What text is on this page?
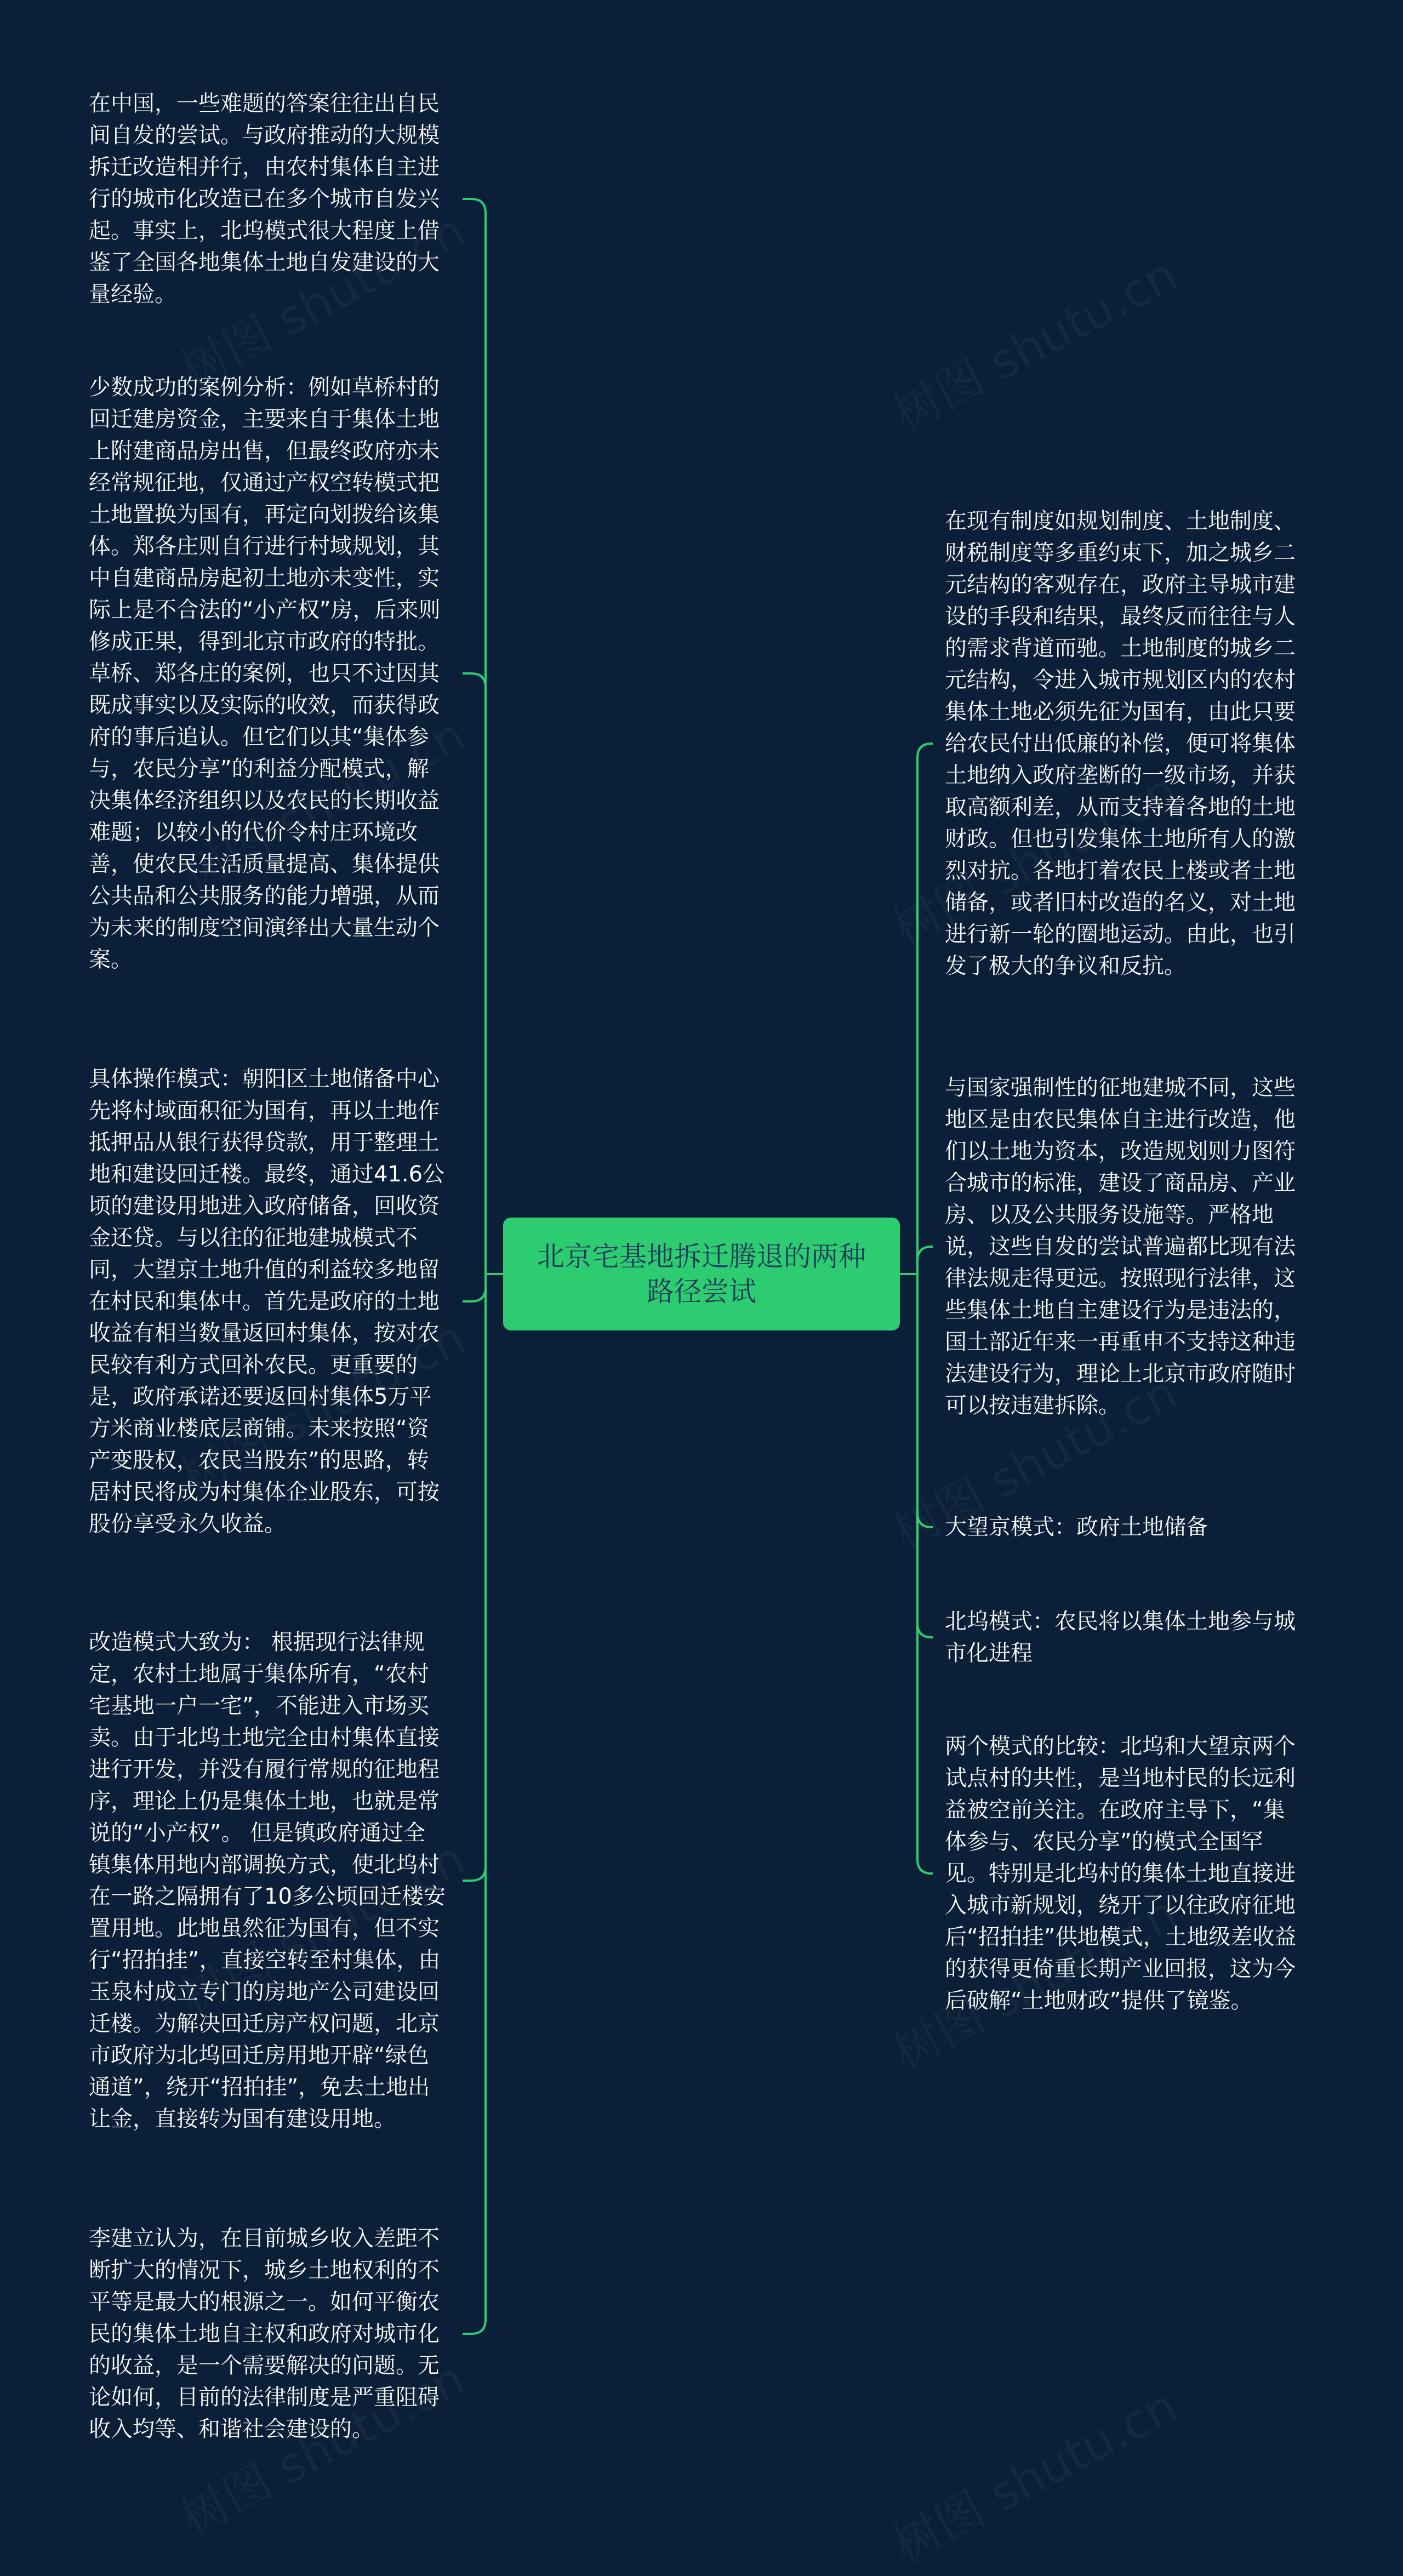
北京宅基地拆迁腾退的两种路径尝试

在中国，一些难题的答案往往出自民间自发的尝试。与政府推动的大规模拆迁改造相并行，由农村集体自主进行的城市化改造已在多个城市自发兴起。事实上，北坞模式很大程度上借鉴了全国各地集体土地自发建设的大量经验。

少数成功的案例分析：例如草桥村的回迁建房资金，主要来自于集体土地上附建商品房出售，但最终政府亦未经常规征地，仅通过产权空转模式把土地置换为国有，再定向划拨给该集体。郑各庄则自行进行村域规划，其中自建商品房起初土地亦未变性，实际上是不合法的“小产权”房，后来则修成正果，得到北京市政府的特批。草桥、郑各庄的案例，也只不过因其既成事实以及实际的收效，而获得政府的事后追认。但它们以其“集体参与，农民分享”的利益分配模式，解决集体经济组织以及农民的长期收益难题；以较小的代价令村庄环境改善，使农民生活质量提高、集体提供公共品和公共服务的能力增强，从而为未来的制度空间演绎出大量生动个案。

具体操作模式：朝阳区土地储备中心先将村域面积征为国有，再以土地作抵押品从银行获得贷款，用于整理土地和建设回迁楼。最终，通过41.6公顷的建设用地进入政府储备，回收资金还贷。与以往的征地建城模式不同，大望京土地升值的利益较多地留在村民和集体中。首先是政府的土地收益有相当数量返回村集体，按对农民较有利方式回补农民。更重要的是，政府承诺还要返回村集体5万平方米商业楼底层商铺。未来按照“资产变股权，农民当股东”的思路，转居村民将成为村集体企业股东，可按股份享受永久收益。

改造模式大致为： 根据现行法律规定，农村土地属于集体所有，“农村宅基地一户一宅”，不能进入市场买卖。由于北坞土地完全由村集体直接进行开发，并没有履行常规的征地程序，理论上仍是集体土地，也就是常说的“小产权”。 但是镇政府通过全镇集体用地内部调换方式，使北坞村在一路之隔拥有了10多公顷回迁楼安置用地。此地虽然征为国有，但不实行“招拍挂”，直接空转至村集体，由玉泉村成立专门的房地产公司建设回迁楼。为解决回迁房产权问题，北京市政府为北坞回迁房用地开辟“绿色通道”，绕开“招拍挂”，免去土地出让金，直接转为国有建设用地。

李建立认为，在目前城乡收入差距不断扩大的情况下，城乡土地权利的不平等是最大的根源之一。如何平衡农民的集体土地自主权和政府对城市化的收益，是一个需要解决的问题。无论如何，目前的法律制度是严重阻碍收入均等、和谐社会建设的。

在现有制度如规划制度、土地制度、财税制度等多重约束下，加之城乡二元结构的客观存在，政府主导城市建设的手段和结果，最终反而往往与人的需求背道而驰。土地制度的城乡二元结构，令进入城市规划区内的农村集体土地必须先征为国有，由此只要给农民付出低廉的补偿，便可将集体土地纳入政府垄断的一级市场，并获取高额利差，从而支持着各地的土地财政。但也引发集体土地所有人的激烈对抗。各地打着农民上楼或者土地储备，或者旧村改造的名义，对土地进行新一轮的圈地运动。由此，也引发了极大的争议和反抗。

与国家强制性的征地建城不同，这些地区是由农民集体自主进行改造，他们以土地为资本，改造规划则力图符合城市的标准，建设了商品房、产业房、以及公共服务设施等。严格地说，这些自发的尝试普遍都比现有法律法规走得更远。按照现行法律，这些集体土地自主建设行为是违法的，国土部近年来一再重申不支持这种违法建设行为，理论上北京市政府随时可以按违建拆除。

大望京模式：政府土地储备

北坞模式：农民将以集体土地参与城市化进程

两个模式的比较：北坞和大望京两个试点村的共性，是当地村民的长远利益被空前关注。在政府主导下，“集体参与、农民分享”的模式全国罕见。特别是北坞村的集体土地直接进入城市新规划，绕开了以往政府征地后“招拍挂”供地模式，土地级差收益的获得更倚重长期产业回报，这为今后破解“土地财政”提供了镜鉴。
